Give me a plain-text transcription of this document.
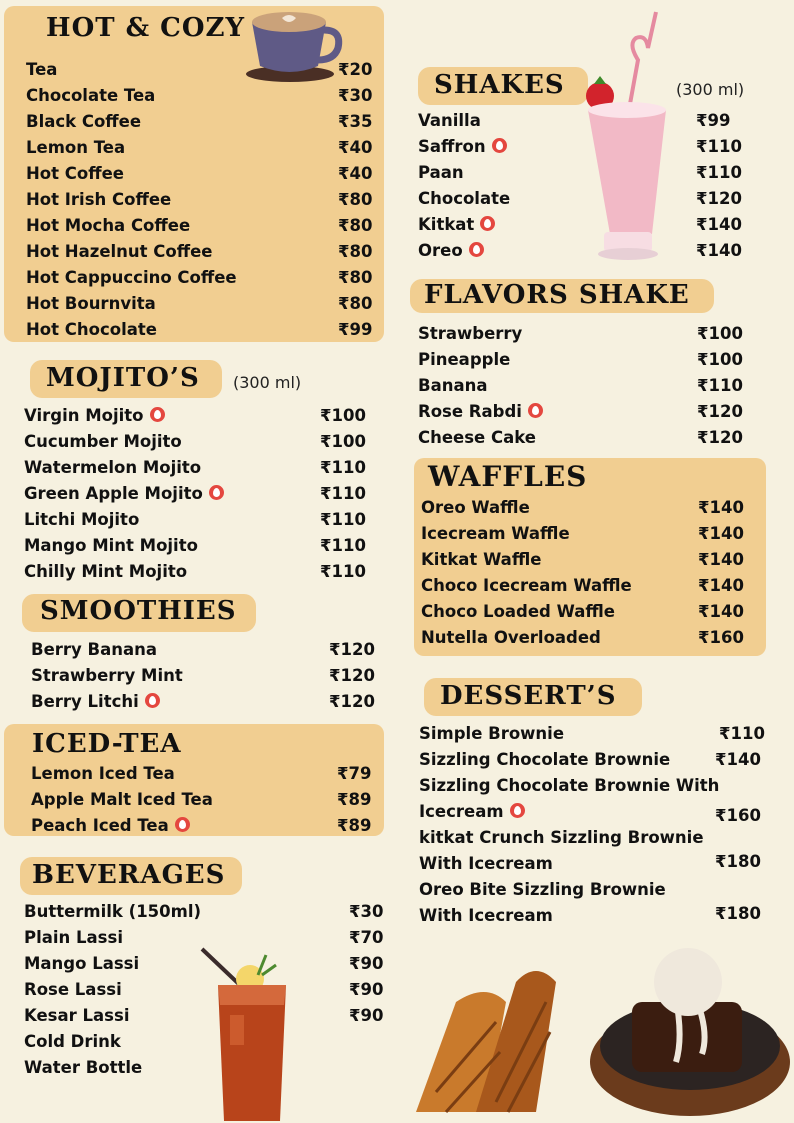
HOT & COZY
Tea	₹20
Chocolate Tea	₹30
Black Coffee	₹35
Lemon Tea	₹40
Hot Coffee	₹40
Hot Irish Coffee	₹80
Hot Mocha Coffee	₹80
Hot Hazelnut Coffee	₹80
Hot Cappuccino Coffee	₹80
Hot Bournvita	₹80
Hot Chocolate	₹99
MOJITO’S (300 ml)
Virgin Mojito	₹100
Cucumber Mojito	₹100
Watermelon Mojito	₹110
Green Apple Mojito	₹110
Litchi Mojito	₹110
Mango Mint Mojito	₹110
Chilly Mint Mojito	₹110
SMOOTHIES
Berry Banana	₹120
Strawberry Mint	₹120
Berry Litchi	₹120
ICED-TEA
Lemon Iced Tea	₹79
Apple Malt Iced Tea	₹89
Peach Iced Tea	₹89
BEVERAGES
Buttermilk (150ml)	₹30
Plain Lassi	₹70
Mango Lassi	₹90
Rose Lassi	₹90
Kesar Lassi	₹90
Cold Drink
Water Bottle
SHAKES	(300 ml)
Vanilla	₹99
Saffron	₹110
Paan	₹110
Chocolate	₹120
Kitkat	₹140
Oreo	₹140
FLAVORS SHAKE
Strawberry	₹100
Pineapple	₹100
Banana	₹110
Rose Rabdi	₹120
Cheese Cake	₹120
WAFFLES
Oreo Waffle	₹140
Icecream Waffle	₹140
Kitkat Waffle	₹140
Choco Icecream Waffle	₹140
Choco Loaded Waffle	₹140
Nutella Overloaded	₹160
DESSERT’S
Simple Brownie	₹110
Sizzling Chocolate Brownie	₹140
Sizzling Chocolate Brownie With
Icecream	₹160
kitkat Crunch Sizzling Brownie
With Icecream	₹180
Oreo Bite Sizzling Brownie
With Icecream	₹180
